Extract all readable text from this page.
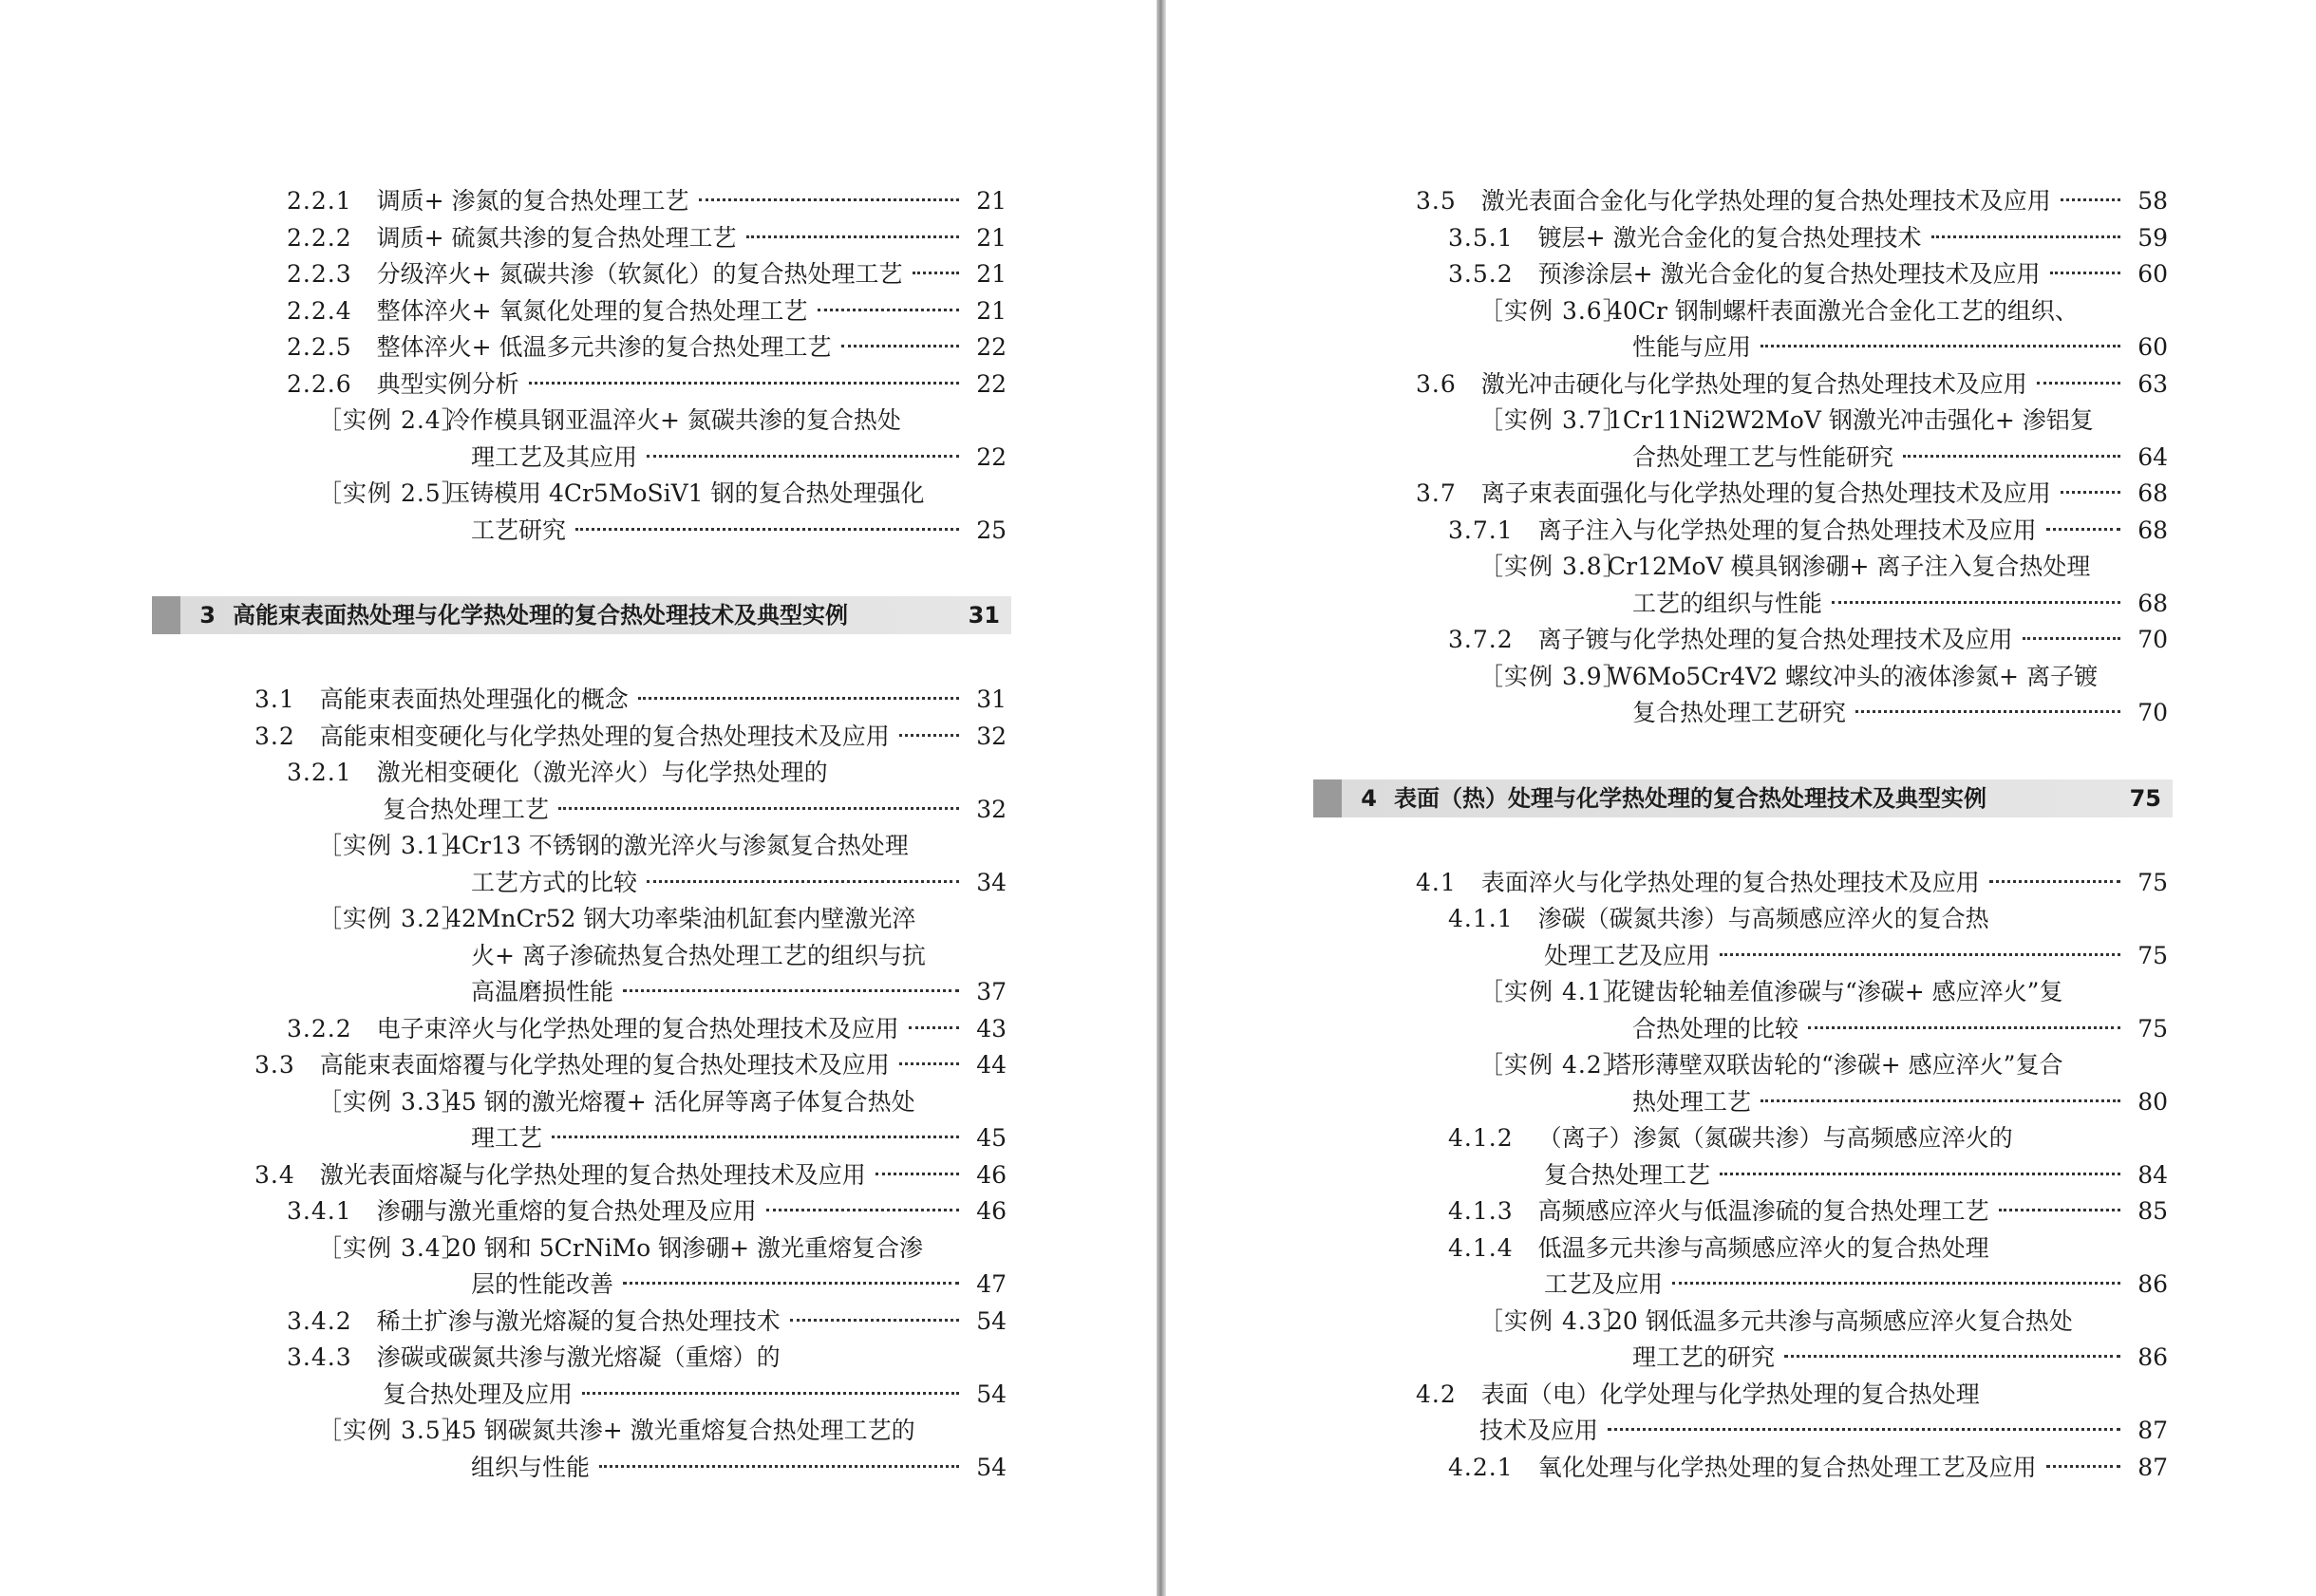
2.2.1 调质+ 渗氮的复合热处理工艺	21
2.2.2 调质+ 硫氮共渗的复合热处理工艺	21
2.2.3 分级淬火+ 氮碳共渗（软氮化）的复合热处理工艺	21
2.2.4 整体淬火+ 氧氮化处理的复合热处理工艺	21
2.2.5 整体淬火+ 低温多元共渗的复合热处理工艺	22
2.2.6 典型实例分析	22
［实例 2.4］冷作模具钢亚温淬火+ 氮碳共渗的复合热处
理工艺及其应用	22
［实例 2.5］压铸模用 4Cr5MoSiV1 钢的复合热处理强化
工艺研究	25
3 高能束表面热处理与化学热处理的复合热处理技术及典型实例	31
3.1 高能束表面热处理强化的概念	31
3.2 高能束相变硬化与化学热处理的复合热处理技术及应用	32
3.2.1 激光相变硬化（激光淬火）与化学热处理的
复合热处理工艺	32
［实例 3.1］4Cr13 不锈钢的激光淬火与渗氮复合热处理
工艺方式的比较	34
［实例 3.2］42MnCr52 钢大功率柴油机缸套内壁激光淬
火+ 离子渗硫热复合热处理工艺的组织与抗
高温磨损性能	37
3.2.2 电子束淬火与化学热处理的复合热处理技术及应用	43
3.3 高能束表面熔覆与化学热处理的复合热处理技术及应用	44
［实例 3.3］45 钢的激光熔覆+ 活化屏等离子体复合热处
理工艺	45
3.4 激光表面熔凝与化学热处理的复合热处理技术及应用	46
3.4.1 渗硼与激光重熔的复合热处理及应用	46
［实例 3.4］20 钢和 5CrNiMo 钢渗硼+ 激光重熔复合渗
层的性能改善	47
3.4.2 稀土扩渗与激光熔凝的复合热处理技术	54
3.4.3 渗碳或碳氮共渗与激光熔凝（重熔）的
复合热处理及应用	54
［实例 3.5］45 钢碳氮共渗+ 激光重熔复合热处理工艺的
组织与性能	54
3.5 激光表面合金化与化学热处理的复合热处理技术及应用	58
3.5.1 镀层+ 激光合金化的复合热处理技术	59
3.5.2 预渗涂层+ 激光合金化的复合热处理技术及应用	60
［实例 3.6］40Cr 钢制螺杆表面激光合金化工艺的组织、
性能与应用	60
3.6 激光冲击硬化与化学热处理的复合热处理技术及应用	63
［实例 3.7］1Cr11Ni2W2MoV 钢激光冲击强化+ 渗铝复
合热处理工艺与性能研究	64
3.7 离子束表面强化与化学热处理的复合热处理技术及应用	68
3.7.1 离子注入与化学热处理的复合热处理技术及应用	68
［实例 3.8］Cr12MoV 模具钢渗硼+ 离子注入复合热处理
工艺的组织与性能	68
3.7.2 离子镀与化学热处理的复合热处理技术及应用	70
［实例 3.9］W6Mo5Cr4V2 螺纹冲头的液体渗氮+ 离子镀
复合热处理工艺研究	70
4 表面（热）处理与化学热处理的复合热处理技术及典型实例	75
4.1 表面淬火与化学热处理的复合热处理技术及应用	75
4.1.1 渗碳（碳氮共渗）与高频感应淬火的复合热
处理工艺及应用	75
［实例 4.1］花键齿轮轴差值渗碳与“渗碳+ 感应淬火”复
合热处理的比较	75
［实例 4.2］塔形薄壁双联齿轮的“渗碳+ 感应淬火”复合
热处理工艺	80
4.1.2 （离子）渗氮（氮碳共渗）与高频感应淬火的
复合热处理工艺	84
4.1.3 高频感应淬火与低温渗硫的复合热处理工艺	85
4.1.4 低温多元共渗与高频感应淬火的复合热处理
工艺及应用	86
［实例 4.3］20 钢低温多元共渗与高频感应淬火复合热处
理工艺的研究	86
4.2 表面（电）化学处理与化学热处理的复合热处理
技术及应用	87
4.2.1 氧化处理与化学热处理的复合热处理工艺及应用	87
